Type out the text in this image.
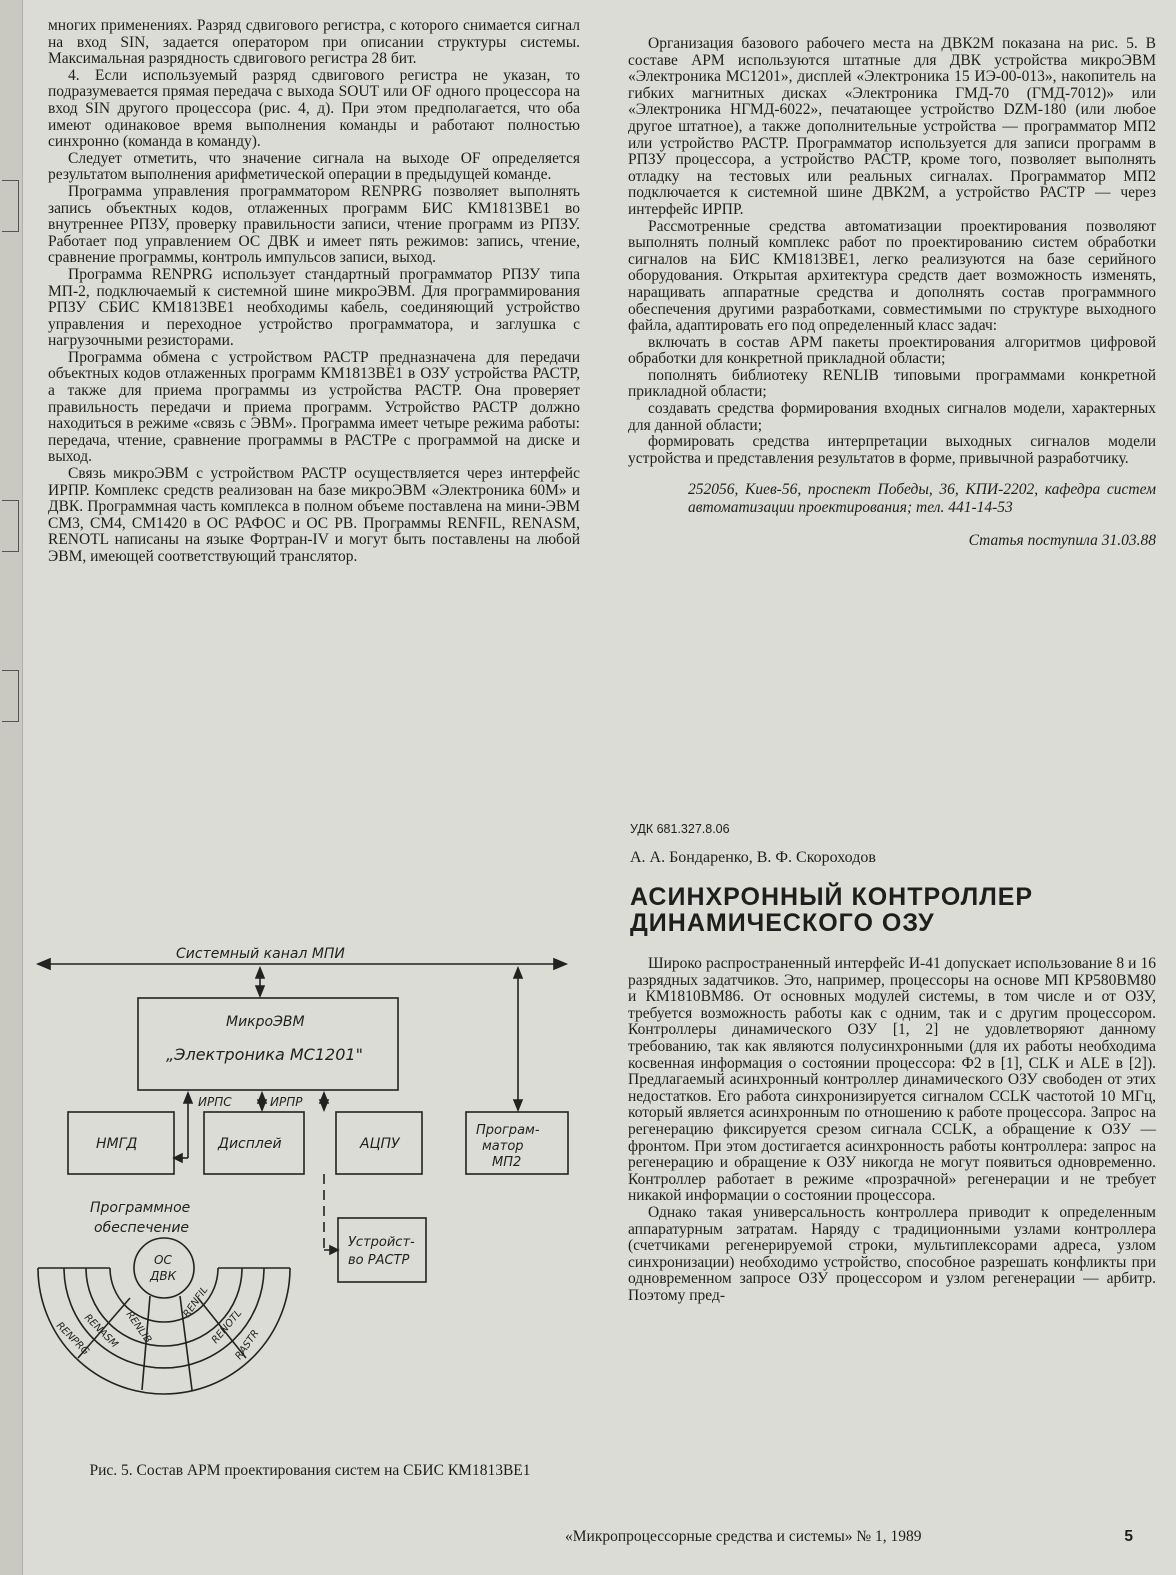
многих применениях. Разряд сдвигового регистра, с которого снимается сигнал на вход SIN, задается оператором при описании структуры системы. Максимальная разрядность сдвигового регистра 28 бит.

4. Если используемый разряд сдвигового регистра не указан, то подразумевается прямая передача с выхода SOUT или OF одного процессора на вход SIN другого процессора (рис. 4, д). При этом предполагается, что оба имеют одинаковое время выполнения команды и работают полностью синхронно (команда в команду).

Следует отметить, что значение сигнала на выходе OF определяется результатом выполнения арифметической операции в предыдущей команде.

Программа управления программатором RENPRG позволяет выполнять запись объектных кодов, отлаженных программ БИС КМ1813ВЕ1 во внутреннее РПЗУ, проверку правильности записи, чтение программ из РПЗУ. Работает под управлением ОС ДВК и имеет пять режимов: запись, чтение, сравнение программы, контроль импульсов записи, выход.

Программа RENPRG использует стандартный программатор РПЗУ типа МП-2, подключаемый к системной шине микроЭВМ. Для программирования РПЗУ СБИС КМ1813ВЕ1 необходимы кабель, соединяющий устройство управления и переходное устройство программатора, и заглушка с нагрузочными резисторами.

Программа обмена с устройством РАСТР предназначена для передачи объектных кодов отлаженных программ КМ1813ВЕ1 в ОЗУ устройства РАСТР, а также для приема программы из устройства РАСТР. Она проверяет правильность передачи и приема программ. Устройство РАСТР должно находиться в режиме «связь с ЭВМ». Программа имеет четыре режима работы: передача, чтение, сравнение программы в РАСТРе с программой на диске и выход.

Связь микроЭВМ с устройством РАСТР осуществляется через интерфейс ИРПР. Комплекс средств реализован на базе микроЭВМ «Электроника 60М» и ДВК. Программная часть комплекса в полном объеме поставлена на мини-ЭВМ СМ3, СМ4, СМ1420 в ОС РАФОС и ОС РВ. Программы RENFIL, RENASM, RENOTL написаны на языке Фортран-IV и могут быть поставлены на любой ЭВМ, имеющей соответствующий транслятор.

Организация базового рабочего места на ДВК2М показана на рис. 5. В составе АРМ используются штатные для ДВК устройства микроЭВМ «Электроника МС1201», дисплей «Электроника 15 ИЭ-00-013», накопитель на гибких магнитных дисках «Электроника ГМД-70 (ГМД-7012)» или «Электроника НГМД-6022», печатающее устройство DZM-180 (или любое другое штатное), а также дополнительные устройства — программатор МП2 или устройство РАСТР. Программатор используется для записи программ в РПЗУ процессора, а устройство РАСТР, кроме того, позволяет выполнять отладку на тестовых или реальных сигналах. Программатор МП2 подключается к системной шине ДВК2М, а устройство РАСТР — через интерфейс ИРПР.

Рассмотренные средства автоматизации проектирования позволяют выполнять полный комплекс работ по проектированию систем обработки сигналов на БИС КМ1813ВЕ1, легко реализуются на базе серийного оборудования. Открытая архитектура средств дает возможность изменять, наращивать аппаратные средства и дополнять состав программного обеспечения другими разработками, совместимыми по структуре выходного файла, адаптировать его под определенный класс задач:

включать в состав АРМ пакеты проектирования алгоритмов цифровой обработки для конкретной прикладной области;

пополнять библиотеку RENLIB типовыми программами конкретной прикладной области;

создавать средства формирования входных сигналов модели, характерных для данной области;

формировать средства интерпретации выходных сигналов модели устройства и представления результатов в форме, привычной разработчику.

252056, Киев-56, проспект Победы, 36, КПИ-2202, кафедра систем автоматизации проектирования; тел. 441-14-53

Статья поступила 31.03.88

УДК 681.327.8.06
А. А. Бондаренко, В. Ф. Скороходов
АСИНХРОННЫЙ КОНТРОЛЛЕР
ДИНАМИЧЕСКОГО ОЗУ

Широко распространенный интерфейс И-41 допускает использование 8 и 16 разрядных задатчиков. Это, например, процессоры на основе МП КР580ВМ80 и КМ1810ВМ86. От основных модулей системы, в том числе и от ОЗУ, требуется возможность работы как с одним, так и с другим процессором. Контроллеры динамического ОЗУ [1, 2] не удовлетворяют данному требованию, так как являются полусинхронными (для их работы необходима косвенная информация о состоянии процессора: Ф2 в [1], CLK и ALE в [2]). Предлагаемый асинхронный контроллер динамического ОЗУ свободен от этих недостатков. Его работа синхронизируется сигналом CCLK частотой 10 МГц, который является асинхронным по отношению к работе процессора. Запрос на регенерацию фиксируется срезом сигнала CCLK, а обращение к ОЗУ — фронтом. При этом достигается асинхронность работы контроллера: запрос на регенерацию и обращение к ОЗУ никогда не могут появиться одновременно. Контроллер работает в режиме «прозрачной» регенерации и не требует никакой информации о состоянии процессора.

Однако такая универсальность контроллера приводит к определенным аппаратурным затратам. Наряду с традиционными узлами контроллера (счетчиками регенерируемой строки, мультиплексорами адреса, узлом синхронизации) необходимо устройство, способное разрешать конфликты при одновременном запросе ОЗУ процессором и узлом регенерации — арбитр. Поэтому пред-

Системный канал МПИ
МикроЭВМ
„Электроника МС1201"
ИРПС	ИРПР
НМГД	Дисплей	АЦПУ
Програм-
матор
МП2
Устройст-
во РАСТР
Программное
обеспечение
ОС
ДВК
RENLIB
RENFIL
RENASM	RENOTL
RENPRG	RASTR
Рис. 5. Состав АРМ проектирования систем на СБИС КМ1813ВЕ1
«Микропроцессорные средства и системы» № 1, 1989	5
